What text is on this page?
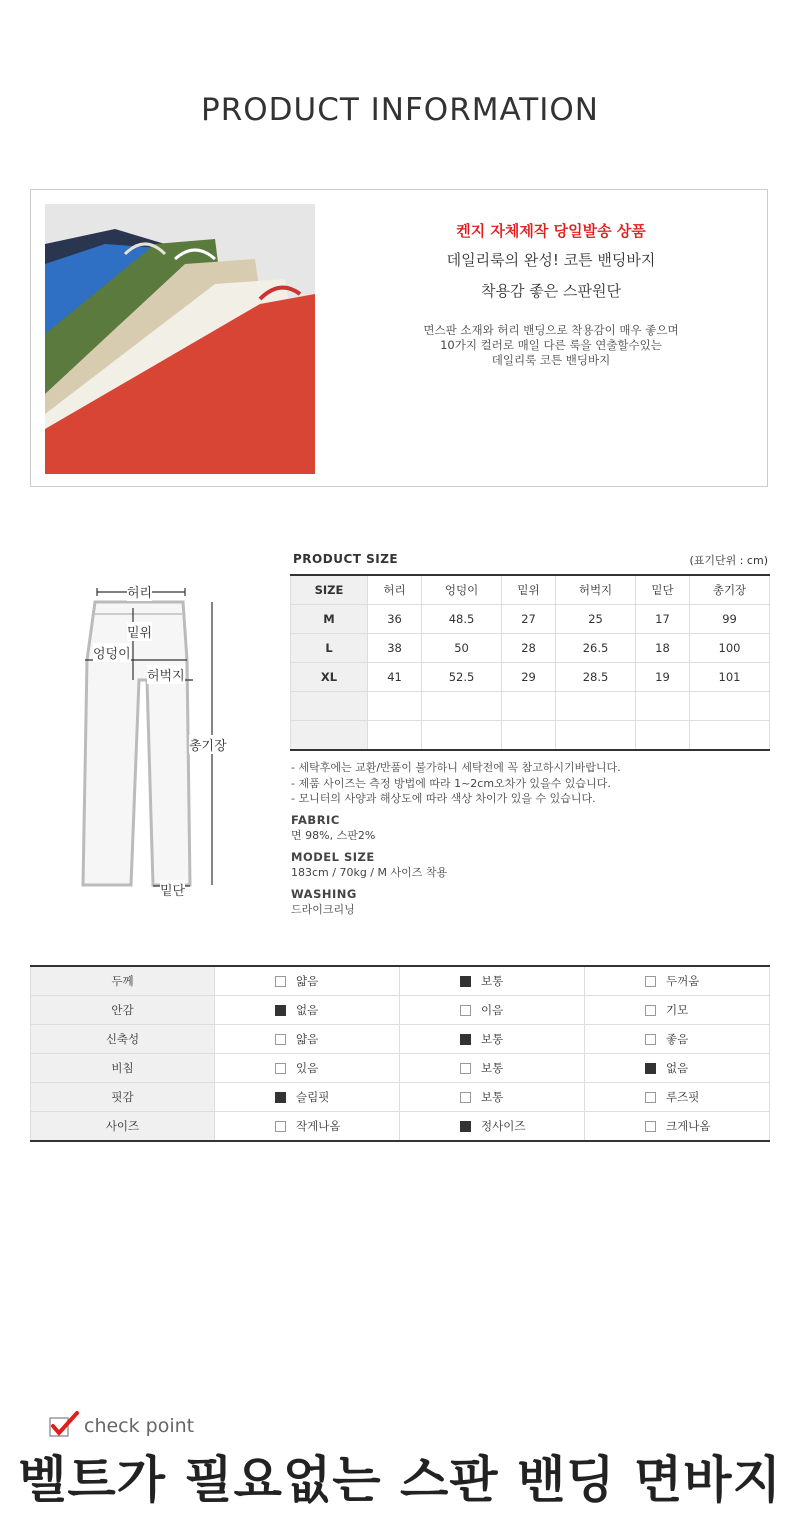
PRODUCT INFORMATION
켄지 자체제작 당일발송 상품
데일리룩의 완성! 코튼 밴딩바지
착용감 좋은 스판원단
면스판 소재와 허리 밴딩으로 착용감이 매우 좋으며
10가지 컬러로 매일 다른 룩을 연출할수있는
데일리룩 코튼 밴딩바지
허리
밑위
엉덩이
허벅지
총기장
밑단
PRODUCT SIZE	(표기단위 : cm)
SIZE	허리	엉덩이	밑위	허벅지	밑단	총기장
M	36	48.5	27	25	17	99
L	38	50	28	26.5	18	100
XL	41	52.5	29	28.5	19	101

- 세탁후에는 교환/반품이 불가하니 세탁전에 꼭 참고하시기바랍니다.
- 제품 사이즈는 측정 방법에 따라 1~2cm오차가 있을수 있습니다.
- 모니터의 사양과 해상도에 따라 색상 차이가 있을 수 있습니다.
FABRIC
면 98%, 스판2%
MODEL SIZE
183cm / 70kg / M 사이즈 착용
WASHING
드라이크리닝
두께	얇음	보통	두꺼움

안감	없음	이음	기모

신축성	얇음	보통	좋음

비침	있음	보통	없음

핏감	슬림핏	보통	루즈핏

사이즈	작게나옴	정사이즈	크게나옴
check point
벨트가 필요없는 스판 밴딩 면바지
